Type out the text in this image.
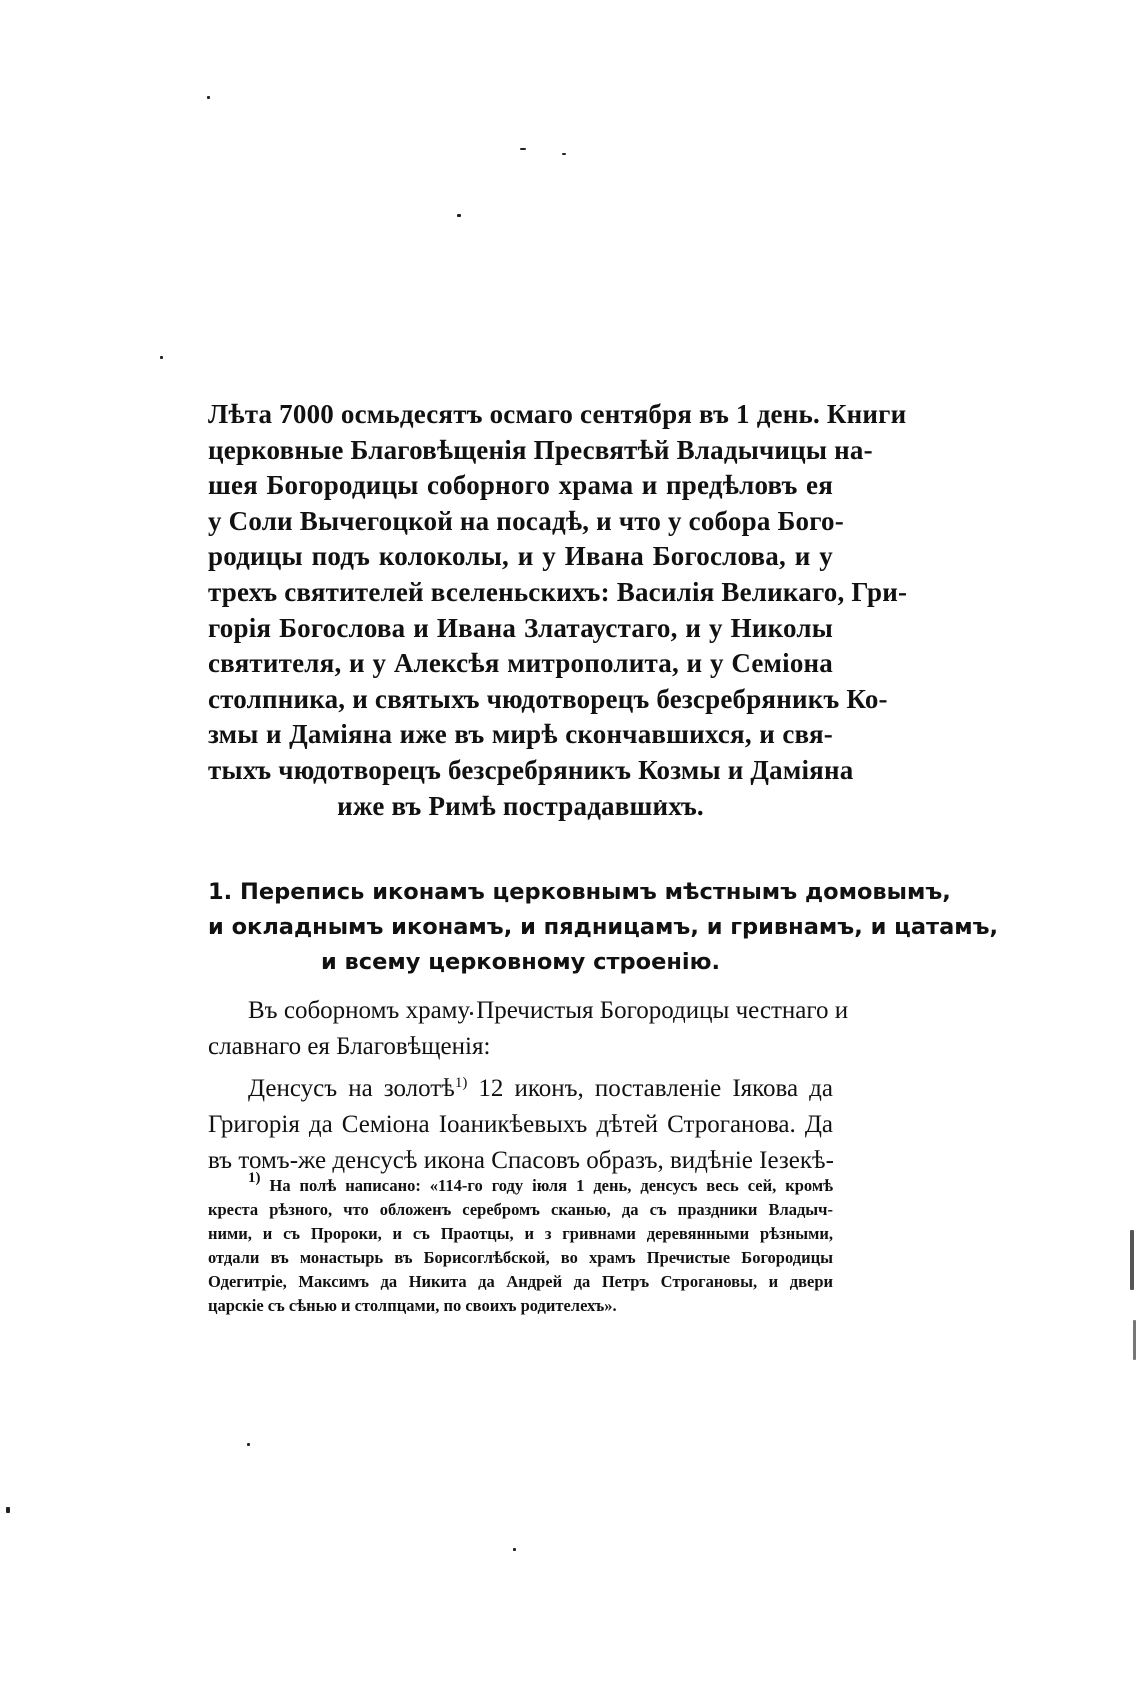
Лѣта 7000 осмьдесятъ осмаго сентября въ 1 день. Книги
церковные Благовѣщенія Пресвятѣй Владычицы на-
шея Богородицы соборного храма и предѣловъ ея
у Соли Вычегоцкой на посадѣ, и что у собора Бого-
родицы подъ колоколы, и у Ивана Богослова, и у
трехъ святителей вселеньскихъ: Василія Великаго, Гри-
горія Богослова и Ивана Златаустаго, и у Николы
святителя, и у Алексѣя митрополита, и у Семіона
столпника, и святыхъ чюдотворецъ безсребряникъ Ко-
змы и Даміяна иже въ мирѣ скончавшихся, и свя-
тыхъ чюдотворецъ безсребряникъ Козмы и Даміяна
иже въ Римѣ пострадавшихъ.
1. Перепись иконамъ церковнымъ мѣстнымъ домовымъ,
и окладнымъ иконамъ, и пядницамъ, и гривнамъ, и цатамъ,
и всему церковному строенію.
Въ соборномъ храму Пречистыя Богородицы честнаго и
славнаго ея Благовѣщенія:
Денсусъ на золотѣ$^{1)}$ 12 иконъ, поставленіе Іякова да
Григорія да Семіона Іоаникѣевыхъ дѣтей Строганова. Да
въ томъ-же денсусѣ икона Спасовъ образъ, видѣніе Іезекѣ-
$^{1)}$ На полѣ написано: «114-го году іюля 1 день, денсусъ весь сей, кромѣ
креста рѣзного, что обложенъ серебромъ сканью, да съ праздники Владыч-
ними, и съ Пророки, и съ Праотцы, и з гривнами деревянными рѣзными,
отдали въ монастырь въ Борисоглѣбской, во храмъ Пречистые Богородицы
Одегитріе, Максимъ да Никита да Андрей да Петръ Строгановы, и двери
царскіе съ сѣнью и столпцами, по своихъ родителехъ».
